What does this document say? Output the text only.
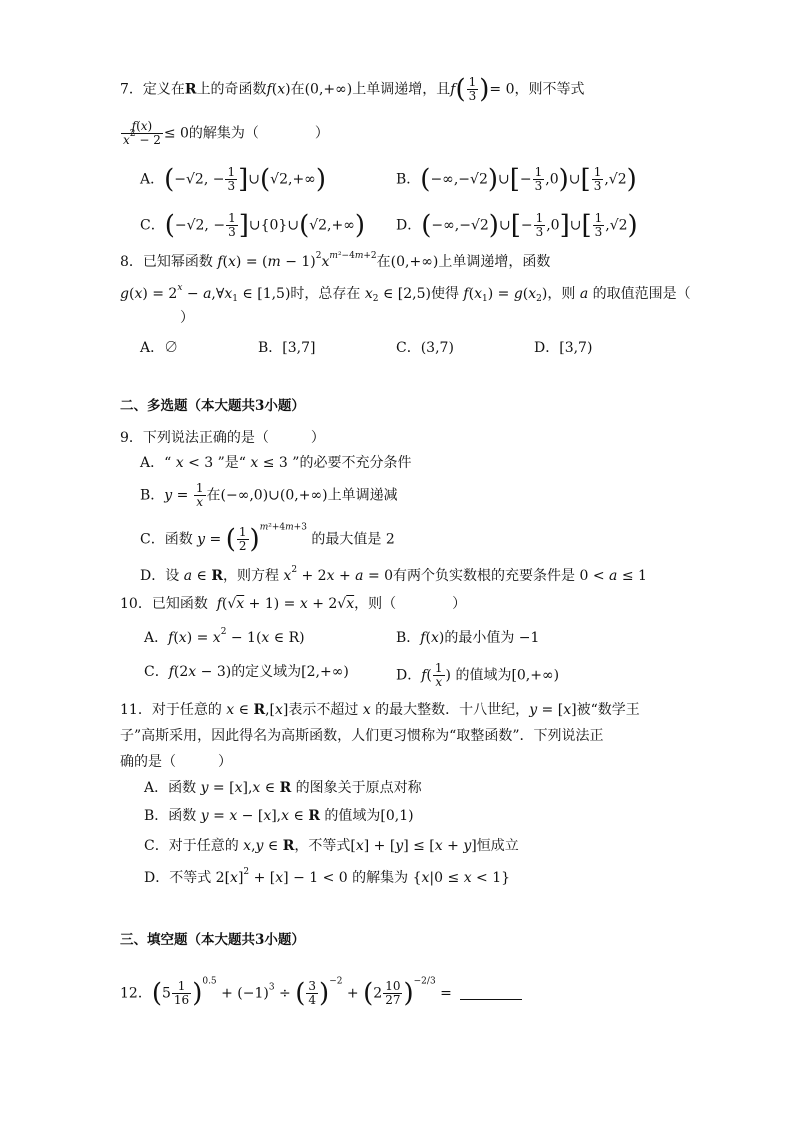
7．定义在R上的奇函数f(x)在(0,+∞)上单调递增，且$f( \frac{1}{3}$ )= 0，则不等式
$\frac{f(x)}{x^2 - 2} \le 0$的解集为（　　　　）
A．(−√2, − $\frac{1}{3}$ ]∪(√2,+∞)	B．(−∞,−√2)∪[− $\frac{1}{3}$ ,0)∪[ $\frac{1}{3} ,√2$)
C．(−√2, − $\frac{1}{3}$ ]∪{0}∪(√2,+∞) D．(−∞,−√2)∪[− $\frac{1}{3}$ ,0]∪[ $\frac{1}{3} ,√2$)
8．已知幂函数 $f(x) = (m - 1)^2x^{m^2-4m+2}$在(0,+∞)上单调递增，函数
$g(x) = 2^x$ − $a,\forall x_1$ ∈ [1,5)时，总存在 $x_2$ ∈ [2,5)使得 $f(x_1) = g(x_2)$，则 a 的取值范围是（
）
A．∅	B．[3,7]	C．(3,7)	D．[3,7)
二、多选题（本大题共3小题）
9．下列说法正确的是（　　　）
A．“ x < 3 ”是“ x ≤ 3 ”的必要不充分条件
B．$y = \frac{1}{x}$ 在(−∞,0)∪(0,+∞)上单调递减
C．函数 y = ( $\frac{1}{2} )^{m^2+4m+3}$ 的最大值是 2
D．设 a ∈ R，则方程 $x^2 + 2x + a = 0$有两个负实数根的充要条件是 0 < a ≤ 1
10．已知函数  f(√x + 1) = x + 2√x，则（　　　　）
A．$f(x) = x^2 - 1(x$ ∈ R)	B．f(x)的最小值为 −1
C．f(2x − 3)的定义域为[2,+∞)	D．$f( \frac{1}{x}$ ) 的值域为[0,+∞)
11．对于任意的 x ∈ R,[x]表示不超过 x 的最大整数．十八世纪，y = [x]被“数学王
子”高斯采用，因此得名为高斯函数，人们更习惯称为“取整函数”．下列说法正
确的是（　　　）
A．函数 y = [x],x ∈ R 的图象关于原点对称
B．函数 y = x − [x],x ∈ R 的值域为[0,1)
C．对于任意的 x,y ∈ R，不等式[x] + [y] ≤ [x + y]恒成立
D．不等式 $2[x]^2 + [x] - 1 < 0$ 的解集为 {x|0 ≤ x < 1}
三、填空题（本大题共3小题）
12．$(5 \frac{1}{16} )^{0.5} + (-1)^3$ ÷ ( $\frac{3}{4} )^{-2} + (2 \frac{10}{27} )^{-2/3}$ =
